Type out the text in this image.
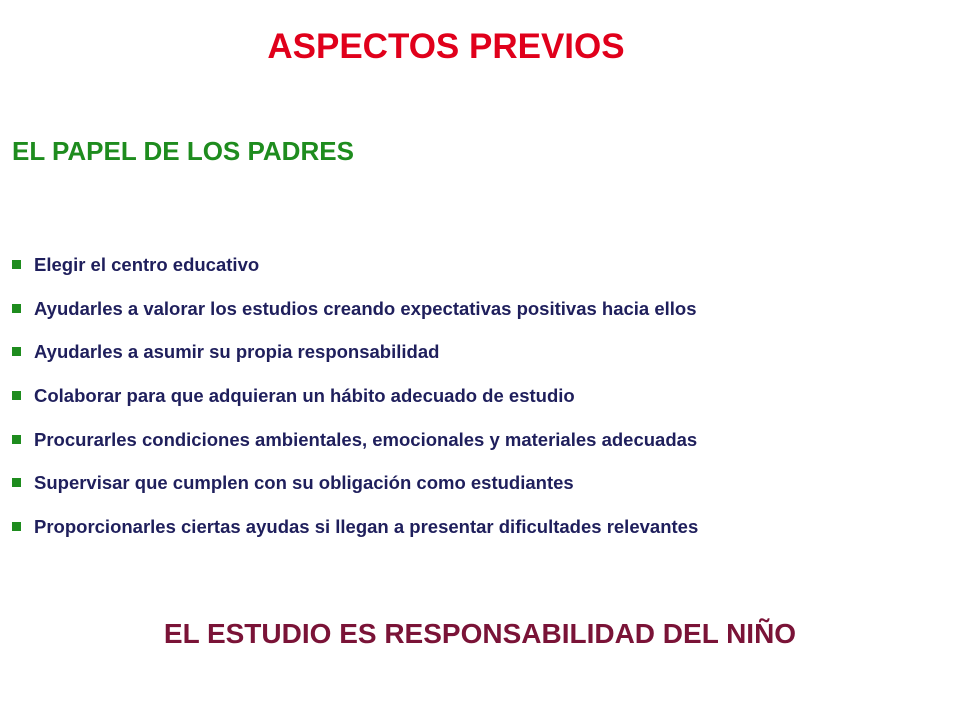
ASPECTOS PREVIOS
EL PAPEL DE LOS PADRES
Elegir el centro educativo
Ayudarles a valorar los estudios creando expectativas positivas hacia ellos
Ayudarles a asumir su propia responsabilidad
Colaborar para que adquieran un hábito adecuado de estudio
Procurarles condiciones ambientales, emocionales y materiales adecuadas
Supervisar que cumplen con su obligación como estudiantes
Proporcionarles ciertas ayudas si llegan a presentar dificultades relevantes
EL ESTUDIO ES RESPONSABILIDAD DEL NIÑO
